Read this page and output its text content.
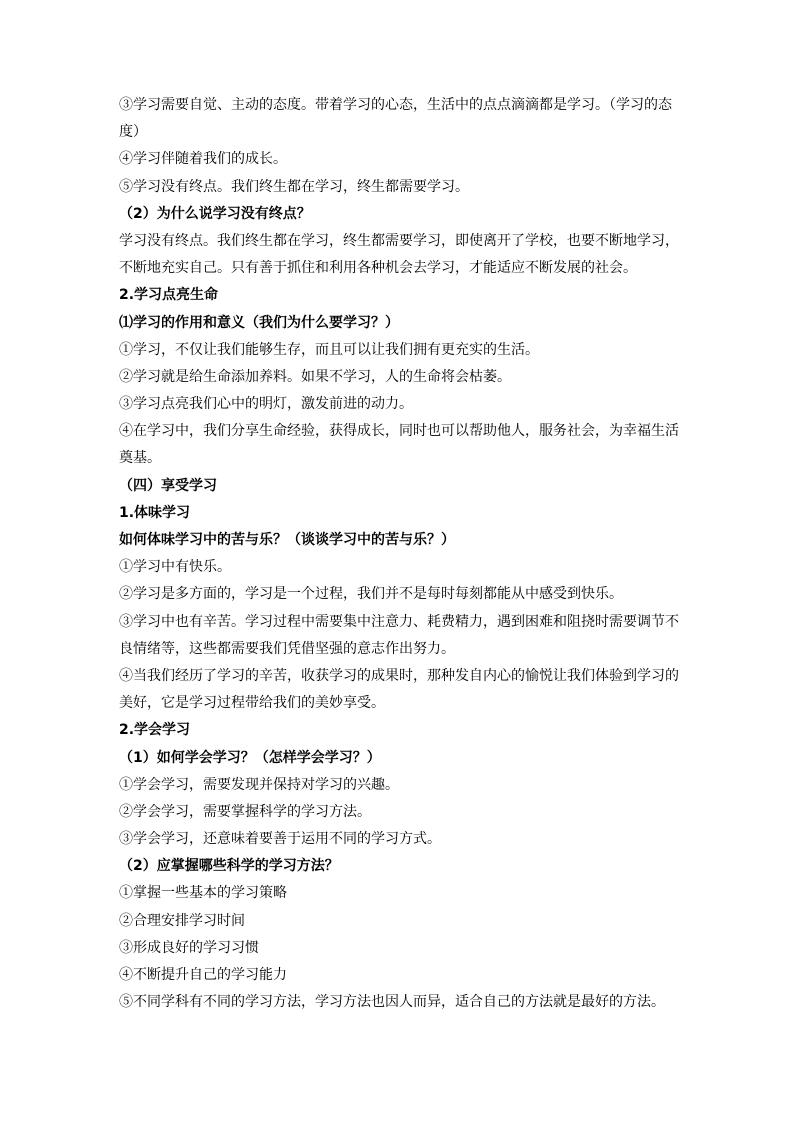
③学习需要自觉、主动的态度。带着学习的心态，生活中的点点滴滴都是学习。（学习的态
度）
④学习伴随着我们的成长。
⑤学习没有终点。我们终生都在学习，终生都需要学习。
（2）为什么说学习没有终点？
学习没有终点。我们终生都在学习，终生都需要学习，即使离开了学校，也要不断地学习，
不断地充实自己。只有善于抓住和利用各种机会去学习，才能适应不断发展的社会。
2.学习点亮生命
⑴学习的作用和意义（我们为什么要学习？）
①学习，不仅让我们能够生存，而且可以让我们拥有更充实的生活。
②学习就是给生命添加养料。如果不学习，人的生命将会枯萎。
③学习点亮我们心中的明灯，激发前进的动力。
④在学习中，我们分享生命经验，获得成长，同时也可以帮助他人，服务社会，为幸福生活
奠基。
（四）享受学习
1.体味学习
如何体味学习中的苦与乐？（谈谈学习中的苦与乐？）
①学习中有快乐。
②学习是多方面的，学习是一个过程，我们并不是每时每刻都能从中感受到快乐。
③学习中也有辛苦。学习过程中需要集中注意力、耗费精力，遇到困难和阻挠时需要调节不
良情绪等，这些都需要我们凭借坚强的意志作出努力。
④当我们经历了学习的辛苦，收获学习的成果时，那种发自内心的愉悦让我们体验到学习的
美好，它是学习过程带给我们的美妙享受。
2.学会学习
（1）如何学会学习？（怎样学会学习？）
①学会学习，需要发现并保持对学习的兴趣。
②学会学习，需要掌握科学的学习方法。
③学会学习，还意味着要善于运用不同的学习方式。
（2）应掌握哪些科学的学习方法？
①掌握一些基本的学习策略
②合理安排学习时间
③形成良好的学习习惯
④不断提升自己的学习能力
⑤不同学科有不同的学习方法，学习方法也因人而异，适合自己的方法就是最好的方法。
